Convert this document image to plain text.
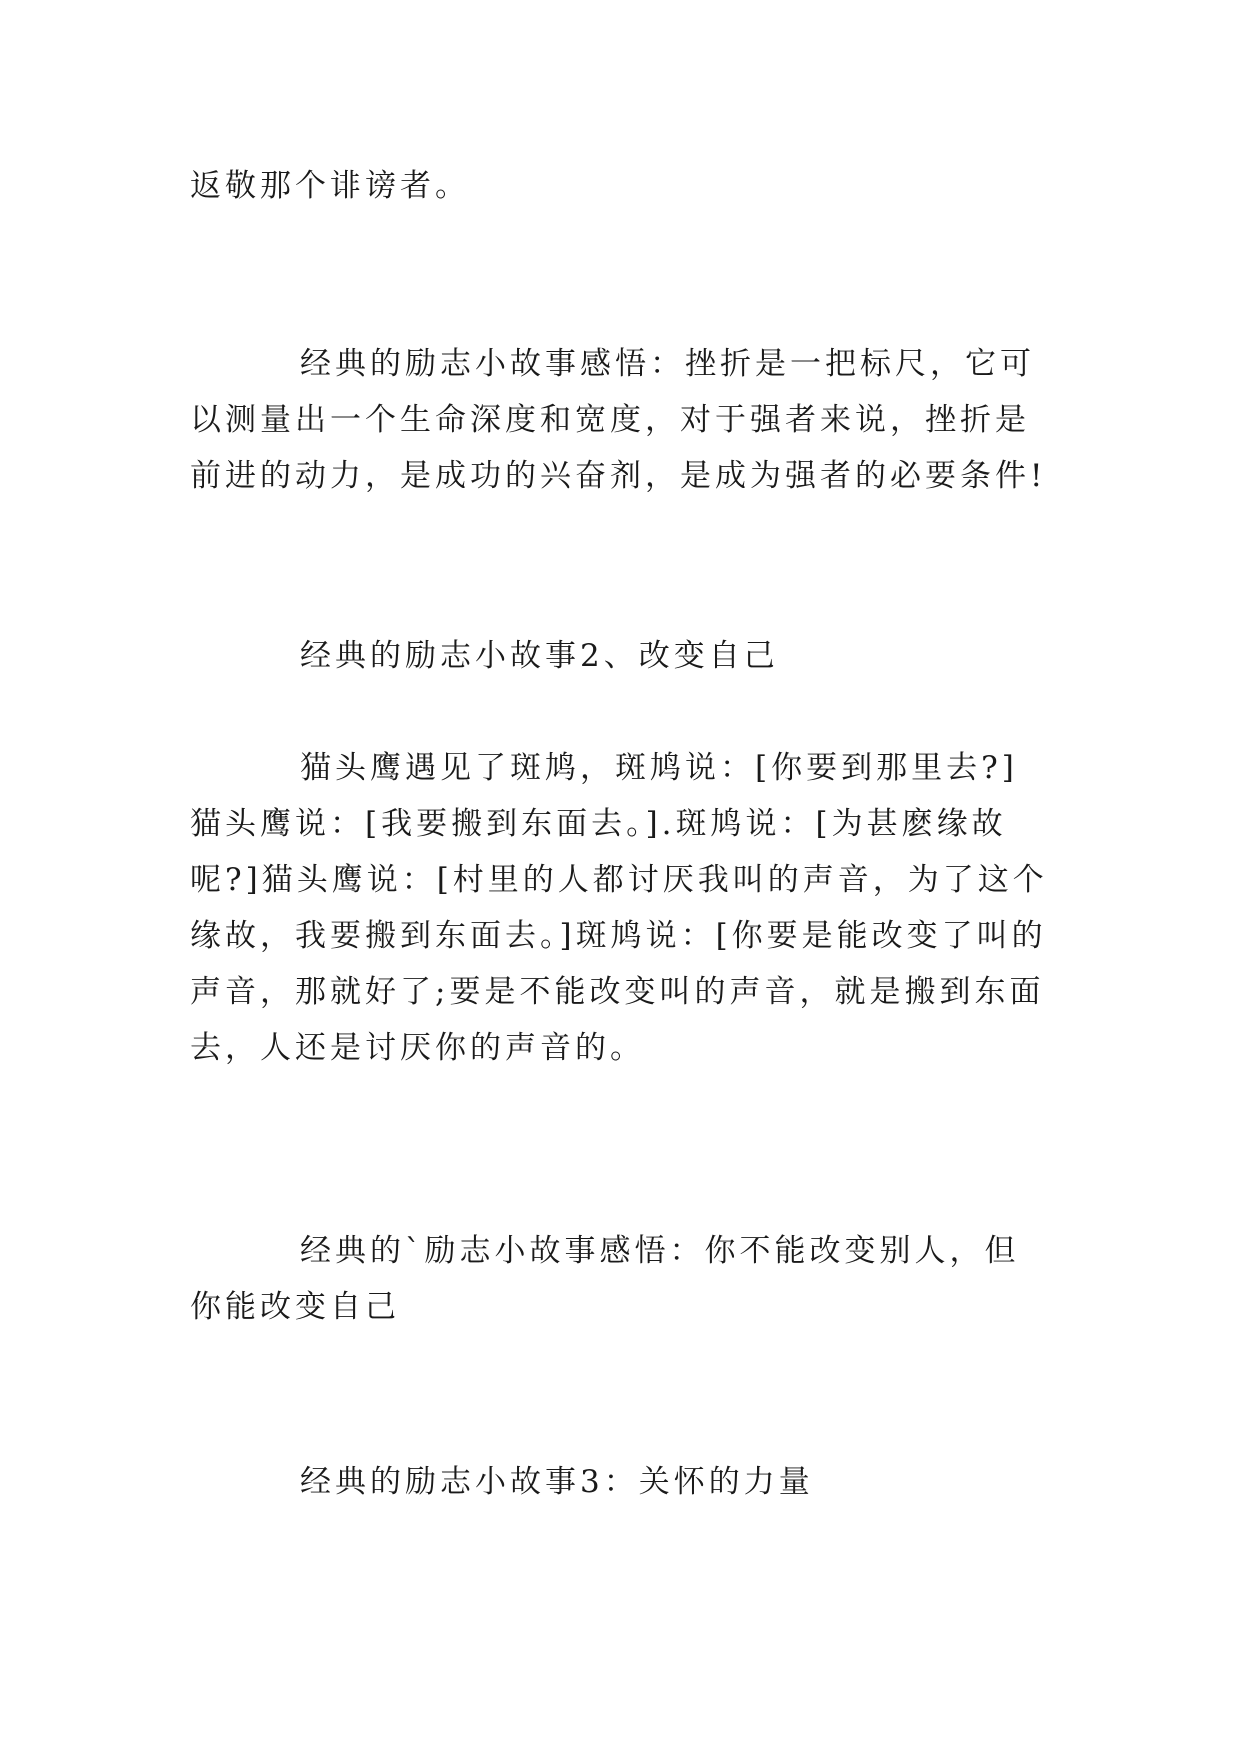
返敬那个诽谤者。

经典的励志小故事感悟：挫折是一把标尺，它可以测量出一个生命深度和宽度，对于强者来说，挫折是前进的动力，是成功的兴奋剂，是成为强者的必要条件!

经典的励志小故事2、改变自己

猫头鹰遇见了斑鸠，斑鸠说：[你要到那里去?]猫头鹰说：[我要搬到东面去。].斑鸠说：[为甚麽缘故呢?]猫头鹰说：[村里的人都讨厌我叫的声音，为了这个缘故，我要搬到东面去。]斑鸠说：[你要是能改变了叫的声音，那就好了;要是不能改变叫的声音，就是搬到东面去，人还是讨厌你的声音的。

经典的`励志小故事感悟：你不能改变别人，但你能改变自己

经典的励志小故事3：关怀的力量
